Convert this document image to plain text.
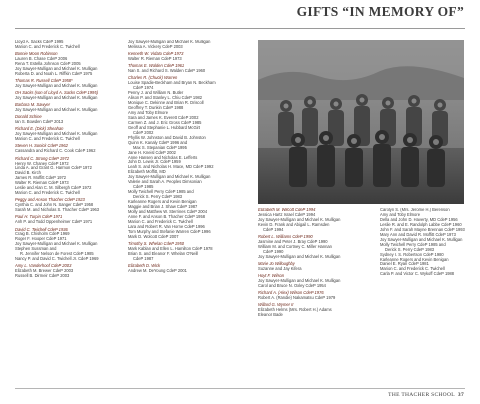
GIFTS “IN MEMORY OF”
Lloyd A. Sacks CdeP 1995
Marion C. and Frederick C. Twichell
Bonnie Moon Robinson
Lauren B. Chase CdeP 2006
Rena T. Estella Johnson CdeP 2005
Joy Sawyer-Mulligan and Michael K. Mulligan
Roberta D. and Noah L. Riffkin CdeP 1975
Thomas R. Russell CdeP 1958*
Joy Sawyer-Mulligan and Michael K. Mulligan
OH Sacks (son of Lloyd A. Sacks CdeP 1995)
Joy Sawyer-Mulligan and Michael K. Mulligan
Barbara M. Sawyer
Joy Sawyer-Mulligan and Michael K. Mulligan
Donald Schine
Ian S. Bowden CdeP 2013
Richard E. (Dick) Sheahan
Joy Sawyer-Mulligan and Michael K. Mulligan
Marion C. and Frederick C. Twichell
Steven H. Sonick CdeP 1962
Cassandra and Richard C. Cook CdeP 1962
Richard C. Strong CdeP 1972
Henry W. Chaney CdeP 1972
Linda A. and Grant G. Harmon CdeP 1972
David B. Kirch
James R. Moffitt CdeP 1972
Walter R. Rieman CdeP 1973
Leslie and Alan C. M. Silbergh CdeP 1972
Marion C. and Frederick C. Twichell
Peggy and Anson Thacher CdeP 1923
Cynthia C. and John N. Sanger CdeP 1958
Sarah M. and Nicholas S. Thacher CdeP 1963
Paul H. Turpin CdeP 1971
Anh P. and Todd Oppenheimer CdeP 1971
David C. Twichell CdeP 1936
Craig B. Chisholm CdeP 1969
Roger F. Hooper CdeP 1971
Joy Sawyer-Mulligan and Michael K. Mulligan
Stephen Sussman and
R. Jennifer Nelson de Forest CdeP 1985
Nancy P. and David C. Twichell Jr. CdeP 1969
Amy L. Vanderhoof CdeP 2003
Elizabeth M. Brewer CdeP 2003
Russell B. Dirmeir CdeP 2003
Joy Sawyer-Mulligan and Michael K. Mulligan
Melissa A. Vickery CdeP 2003
Kenneth W. Vidato CdeP 1973
Walter R. Rieman CdeP 1973
Thomas E. Walden CdeP 1961
Nan S. and Richard S. Walden CdeP 1960
Charles R. (Chuck) Warren
Louise Spadie-Beckham and Bryan N. Beckham
CdeP 1974
Penny J. and William N. Butler
Alison P. and Stanley L. Chiu CdeP 1982
Monique C. Dekinne and Brian R. Driscoll
Geoffrey T. Dunkin CdeP 1988
Amy and Toby Elmore
Sara and James K. Everett CdeP 2002
Carmen Z. and J. Eric Gross CdeP 1985
Geoff and Stephanie L. Hubbard McGirt
CdeP 2002
Phyllis W. Johnston and David B. Johnston
Quinn K. Kanaly CdeP 1996 and
Max S. Stepanian CdeP 1995
Jane H. Kneisl CdeP 2002
Anne Hansen and Nicholas E. Lefferts
John D. Lewis Jr. CdeP 1959
Leah S. and Nicholas H. Mace, MD CdeP 1992
Elizabeth Moffitt, MD
Joy Sawyer-Mulligan and Michael K. Mulligan
Valerie and Sarah A. Peoples Dimsonian
CdeP 1985
Molly Twichell Perry CdeP 1985 and
Derick S. Perry CdeP 1983
Karleanne Rogers and Kevin Benigan
Maggie and Brian J. Shaw CdeP 1987
Molly and Matthew W. Sterrines CdeP 2004
Anne F. and Anson B. Thacher CdeP 1958
Marion C. and Frederick C. Twichell
Lara and Robert R. Van Horne CdeP 1996
Tom Murphy and Stefanie Warren CdeP 1996
Mark D. Wolcott CdeP 2007
Timothy S. Whelan CdeP 1950
Mark Kablan and Ellen L. Hamilton CdeP 1978
Brian S. and Eleanor F. Whelan O'Neill
CdeP 1987
Elizabeth D. Wick
Andrew M. DeYoung CdeP 2001
Elizabeth M. Wilcott CdeP 1994
Jessica Hartz Israel CdeP 1994
Joy Sawyer-Mulligan and Michael K. Mulligan
Kevin D. Frank and Abigail L. Ramsden
CdeP 1994
Robert L. Williams CdeP 1990
Jasmine and Peter J. Bray CdeP 1990
William M. and Cortney C. Miller Hannan
CdeP 1990
Joy Sawyer-Mulligan and Michael K. Mulligan
Marie Jo Willoughby
Suzanne and Jay Kifera
Hoyt F. Wilson
Joy Sawyer-Mulligan and Michael K. Mulligan
Carol and Bruce N. Oxley CdeP 1954
Richard A. (Alex) Wilson CdeP 1976
Robert A. (Randie) Nakamatsu CdeP 1979
Willard G. Wymer II
Elizabeth Helms (Mrs. Robert H.) Adams
Eleanor Bade
Carolyn S. (Mrs. Jerome H.) Berenson
Amy and Toby Elmore
Della and John D. Haverty, MD CdeP 1956
Leslie R. and E. Randolph Labbe CdeP 1960
John F. and Sarah Mayne Brennan CdeP 1993
Mary Ann and David R. Moffitt CdeP 1973
Joy Sawyer-Mulligan and Michael K. Mulligan
Molly Twichell Perry CdeP 1985 and
Derick S. Perry CdeP 1983
Sydney I. S. Robertson CdeP 1980
Karleanne Rogers and Kevin Benigan
Daniel E. Ryan CdeP 1981
Marion C. and Frederick C. Twichell
Carla P. and Victor C. Wykoff CdeP 1988
THE THACHER SCHOOL 37
